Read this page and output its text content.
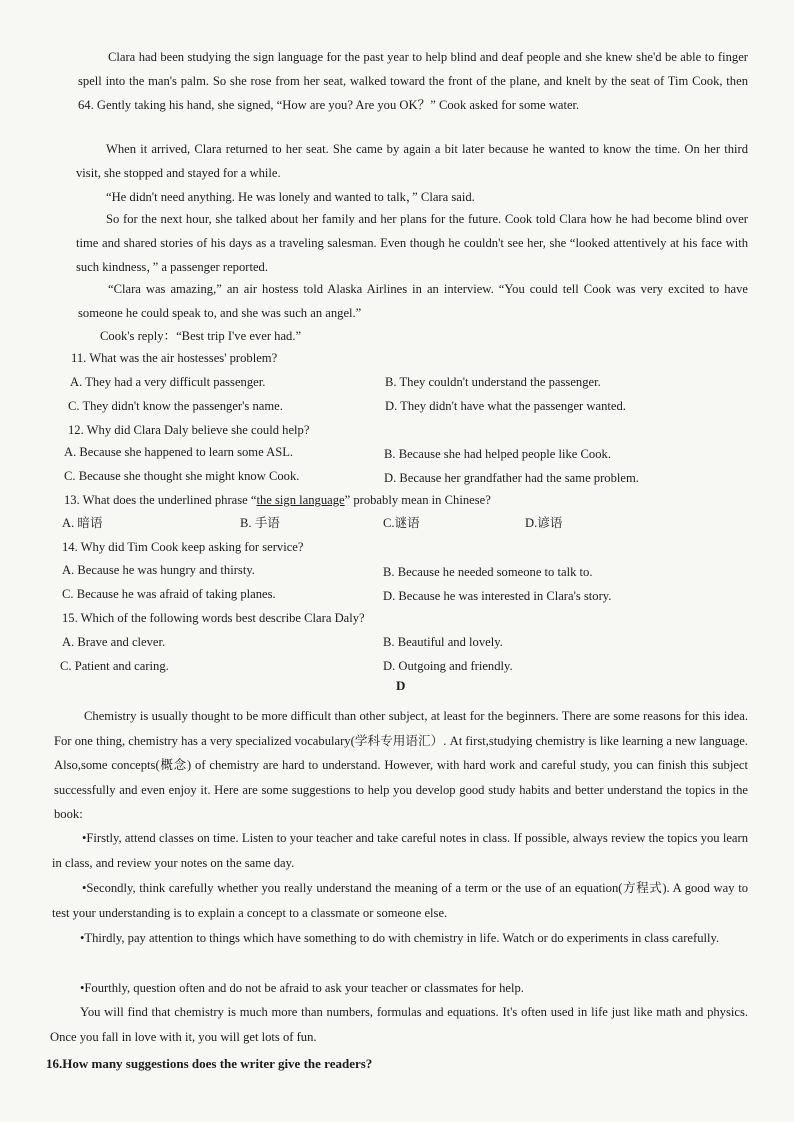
Clara had been studying the sign language for the past year to help blind and deaf people and she knew she'd be able to finger spell into the man's palm. So she rose from her seat, walked toward the front of the plane, and knelt by the seat of Tim Cook, then 64. Gently taking his hand, she signed, “How are you? Are you OK？” Cook asked for some water.
When it arrived, Clara returned to her seat. She came by again a bit later because he wanted to know the time. On her third visit, she stopped and stayed for a while.
“He didn't need anything. He was lonely and wanted to talk，” Clara said.
So for the next hour, she talked about her family and her plans for the future. Cook told Clara how he had become blind over time and shared stories of his days as a traveling salesman. Even though he couldn't see her, she “looked attentively at his face with such kindness，” a passenger reported.
“Clara was amazing,” an air hostess told Alaska Airlines in an interview. “You could tell Cook was very excited to have someone he could speak to, and she was such an angel.”
Cook's reply：“Best trip I've ever had.”
11. What was the air hostesses' problem?
A. They had a very difficult passenger.	B. They couldn't understand the passenger.
C. They didn't know the passenger's name.	D. They didn't have what the passenger wanted.
12. Why did Clara Daly believe she could help?
A. Because she happened to learn some ASL.	B. Because she had helped people like Cook.
C. Because she thought she might know Cook.	D. Because her grandfather had the same problem.
13. What does the underlined phrase “the sign language” probably mean in Chinese?
A. 暗语	B. 手语	C.谜语	D.谚语
14. Why did Tim Cook keep asking for service?
A. Because he was hungry and thirsty.	B. Because he needed someone to talk to.
C. Because he was afraid of taking planes.	D. Because he was interested in Clara's story.
15. Which of the following words best describe Clara Daly?
A. Brave and clever.	B. Beautiful and lovely.
C. Patient and caring.	D. Outgoing and friendly.
D
Chemistry is usually thought to be more difficult than other subject, at least for the beginners. There are some reasons for this idea. For one thing, chemistry has a very specialized vocabulary(学科专用语汇）. At first,studying chemistry is like learning a new language. Also,some concepts(概念) of chemistry are hard to understand. However, with hard work and careful study, you can finish this subject successfully and even enjoy it. Here are some suggestions to help you develop good study habits and better understand the topics in the book:
•Firstly, attend classes on time. Listen to your teacher and take careful notes in class. If possible, always review the topics you learn in class, and review your notes on the same day.
•Secondly, think carefully whether you really understand the meaning of a term or the use of an equation(方程式). A good way to test your understanding is to explain a concept to a classmate or someone else.
•Thirdly, pay attention to things which have something to do with chemistry in life. Watch or do experiments in class carefully.
•Fourthly, question often and do not be afraid to ask your teacher or classmates for help.
You will find that chemistry is much more than numbers, formulas and equations. It's often used in life just like math and physics. Once you fall in love with it, you will get lots of fun.
16.How many suggestions does the writer give the readers?
